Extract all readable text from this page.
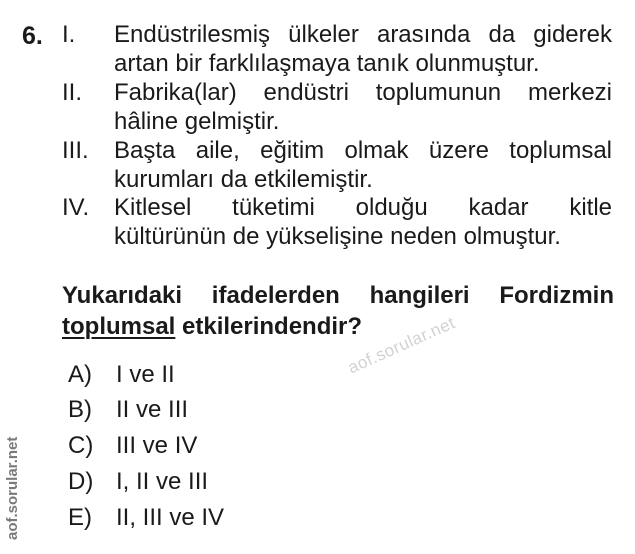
6. I. Endüstrilesmiş ülkeler arasında da giderek
artan bir farklılaşmaya tanık olunmuştur.
II. Fabrika(lar) endüstri toplumunun merkezi
hâline gelmiştir.
III. Başta aile, eğitim olmak üzere toplumsal
kurumları da etkilemiştir.
IV. Kitlesel tüketimi olduğu kadar kitle
kültürünün de yükselişine neden olmuştur.
Yukarıdaki ifadelerden hangileri Fordizmin
toplumsal etkilerindendir?
A) I ve II
B) II ve III
C) III ve IV
D) I, II ve III
E) II, III ve IV
aof.sorular.net
aof.sorular.net
